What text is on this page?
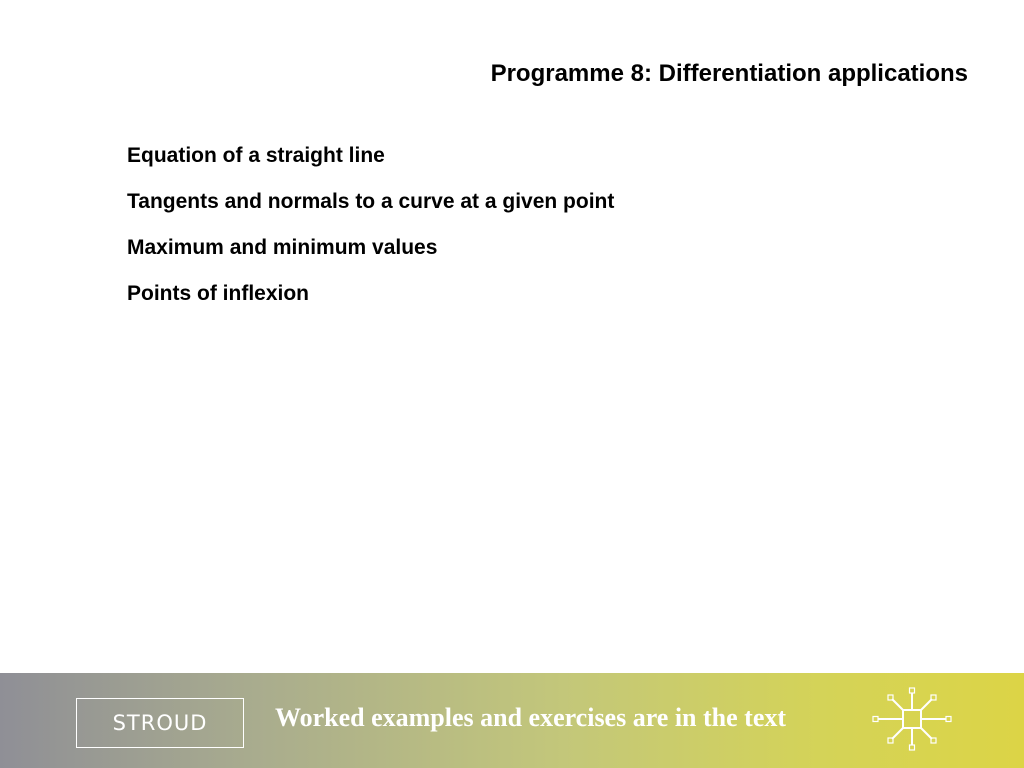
Programme 8: Differentiation applications
Equation of a straight line
Tangents and normals to a curve at a given point
Maximum and minimum values
Points of inflexion
STROUD	Worked examples and exercises are in the text
